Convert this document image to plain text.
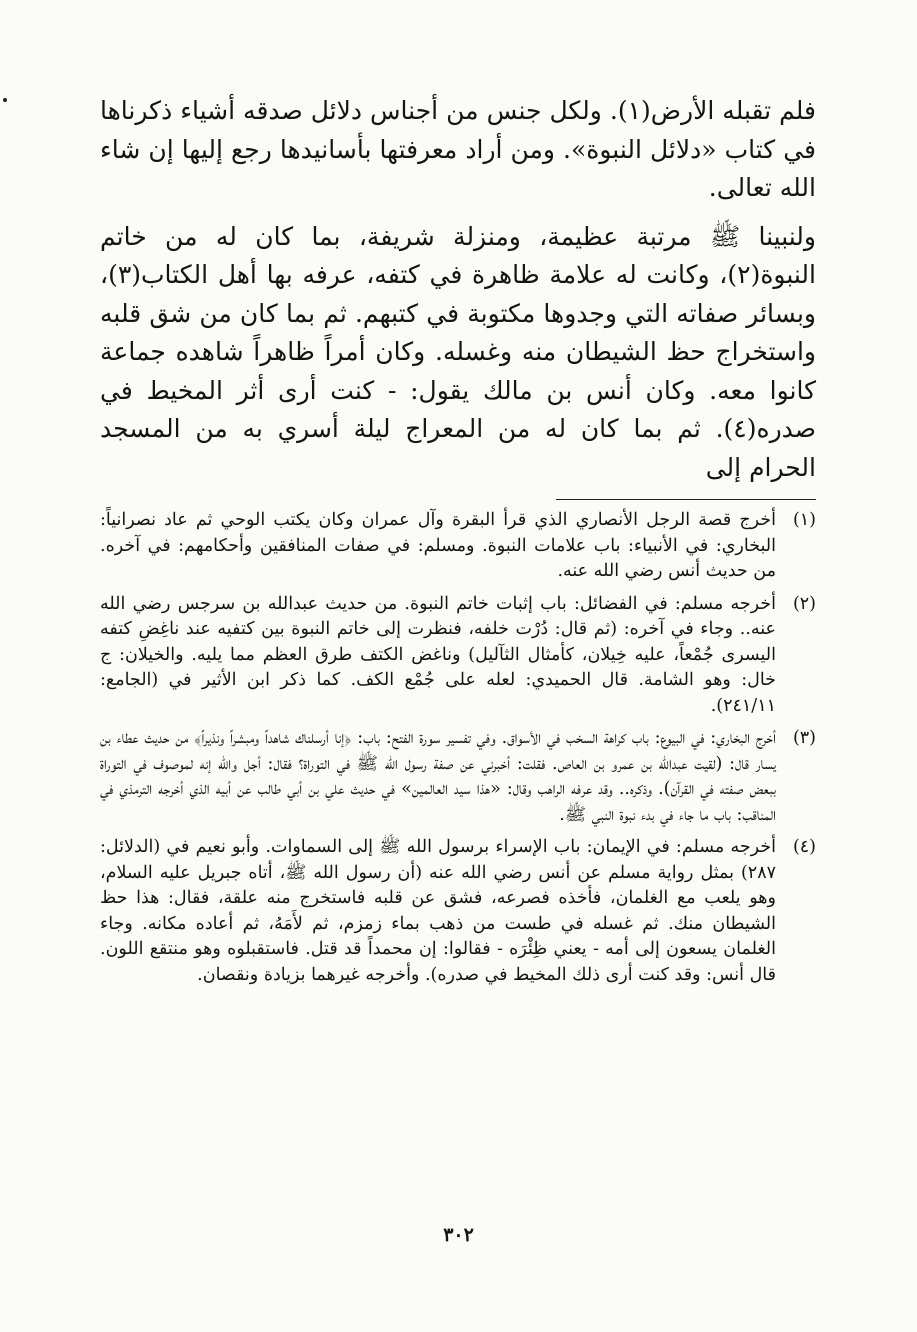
فلم تقبله الأرض(١). ولكل جنس من أجناس دلائل صدقه أشياء ذكرناها في كتاب «دلائل النبوة». ومن أراد معرفتها بأسانيدها رجع إليها إن شاء الله تعالى.

ولنبينا ﷺ مرتبة عظيمة، ومنزلة شريفة، بما كان له من خاتم النبوة(٢)، وكانت له علامة ظاهرة في كتفه، عرفه بها أهل الكتاب(٣)، وبسائر صفاته التي وجدوها مكتوبة في كتبهم. ثم بما كان من شق قلبه واستخراج حظ الشيطان منه وغسله. وكان أمراً ظاهراً شاهده جماعة كانوا معه. وكان أنس بن مالك يقول: - كنت أرى أثر المخيط في صدره(٤). ثم بما كان له من المعراج ليلة أسري به من المسجد الحرام إلى

(١)
أخرج قصة الرجل الأنصاري الذي قرأ البقرة وآل عمران وكان يكتب الوحي ثم عاد نصرانياً: البخاري: في الأنبياء: باب علامات النبوة. ومسلم: في صفات المنافقين وأحكامهم: في آخره. من حديث أنس رضي الله عنه.
(٢)
أخرجه مسلم: في الفضائل: باب إثبات خاتم النبوة. من حديث عبدالله بن سرجس رضي الله عنه.. وجاء في آخره: (ثم قال: دُرْت خلفه، فنظرت إلى خاتم النبوة بين كتفيه عند ناغِضِ كتفه اليسرى جُمْعاً، عليه خِيلان، كأمثال الثآليل) وناغض الكتف طرق العظم مما يليه. والخيلان: ج خال: وهو الشامة. قال الحميدي: لعله على جُمْع الكف. كما ذكر ابن الأثير في (الجامع: ٢٤١/١١).
(٣)
أخرج البخاري: في البيوع: باب كراهة السخب في الأسواق. وفي تفسير سورة الفتح: باب: ﴿إنا أرسلناك شاهداً ومبشراً ونذيراً﴾ من حديث عطاء بن يسار قال: (لقيت عبدالله بن عمرو بن العاص. فقلت: أخبرني عن صفة رسول الله ﷺ في التوراة؟ فقال: أجل والله إنه لموصوف في التوراة ببعض صفته في القرآن). وذكره.. وقد عرفه الراهب وقال: «هذا سيد العالمين» في حديث علي بن أبي طالب عن أبيه الذي أخرجه الترمذي في المناقب: باب ما جاء في بدء نبوة النبي ﷺ.
(٤)
أخرجه مسلم: في الإيمان: باب الإسراء برسول الله ﷺ إلى السماوات. وأبو نعيم في (الدلائل: ٢٨٧) بمثل رواية مسلم عن أنس رضي الله عنه (أن رسول الله ﷺ، أتاه جبريل عليه السلام، وهو يلعب مع الغلمان، فأخذه فصرعه، فشق عن قلبه فاستخرج منه علقة، فقال: هذا حظ الشيطان منك. ثم غسله في طست من ذهب بماء زمزم، ثم لأَمَهُ، ثم أعاده مكانه. وجاء الغلمان يسعون إلى أمه - يعني ظِئْرَه - فقالوا: إن محمداً قد قتل. فاستقبلوه وهو منتقع اللون. قال أنس: وقد كنت أرى ذلك المخيط في صدره). وأخرجه غيرهما بزيادة ونقصان.
٣٠٢
